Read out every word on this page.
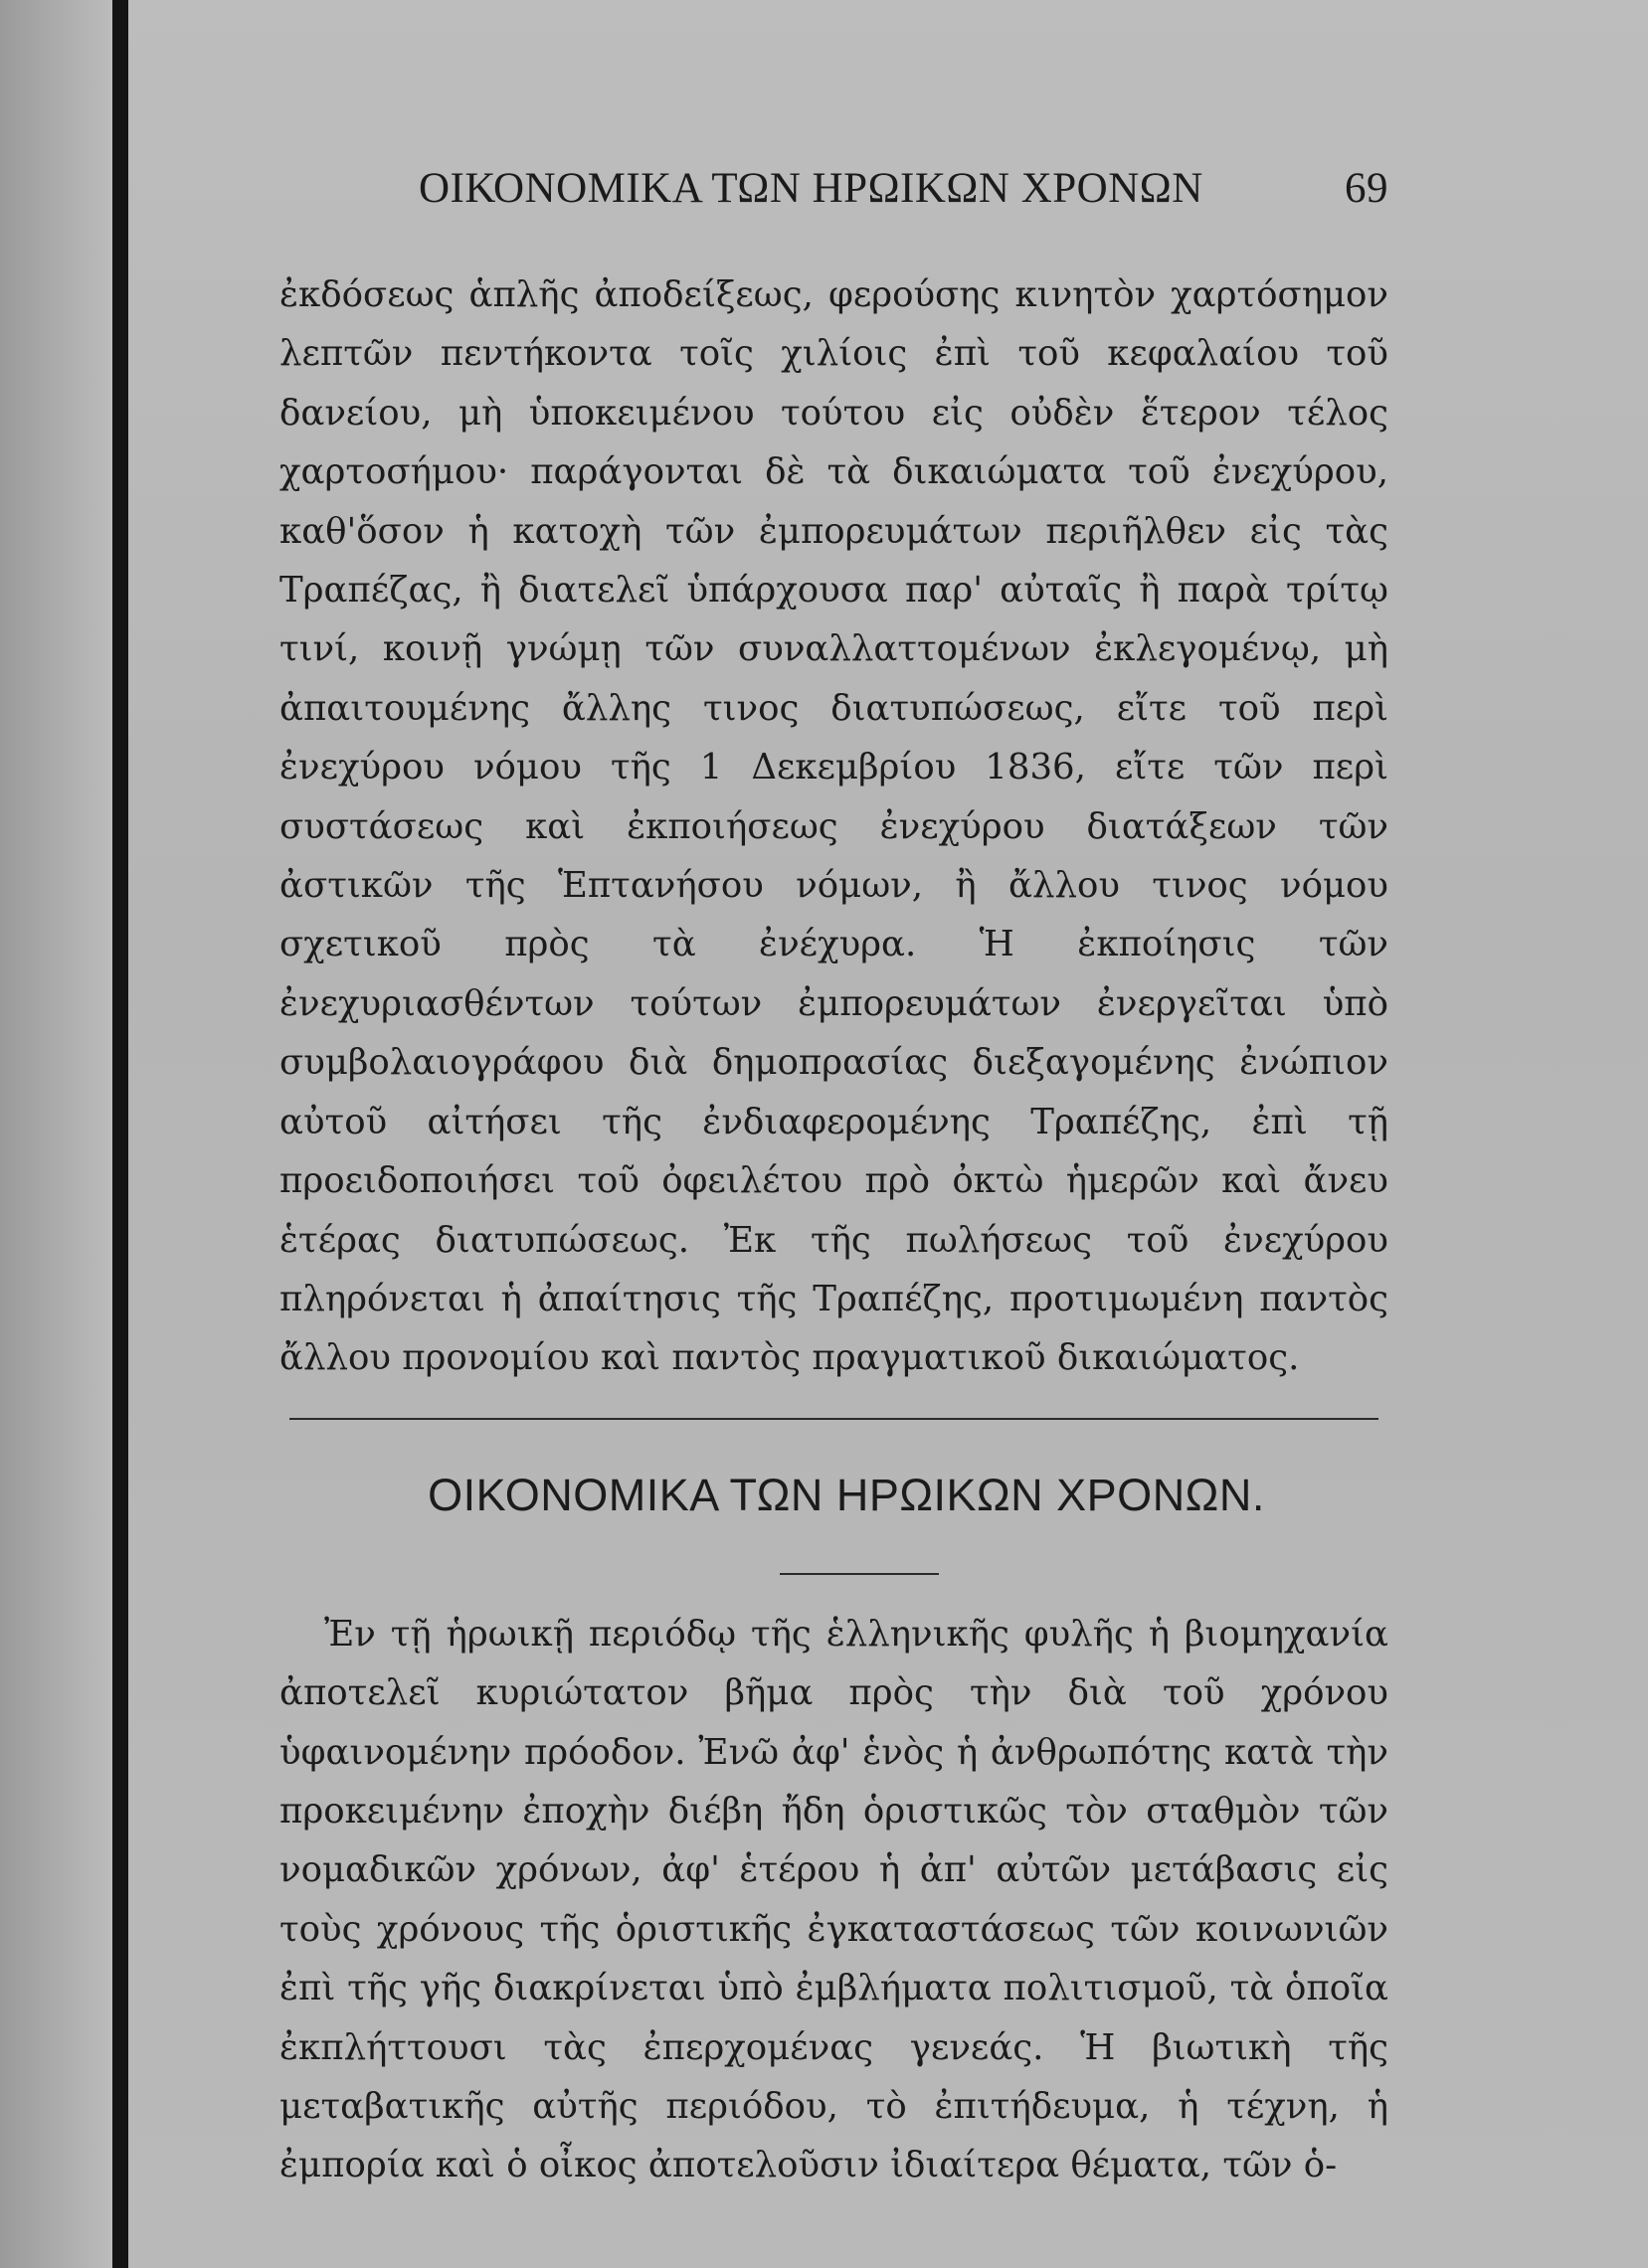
ΟΙΚΟΝΟΜΙΚΑ ΤΩΝ ΗΡΩΙΚΩΝ ΧΡΟΝΩΝ	69

ἐκδόσεως ἁπλῆς ἀποδείξεως, φερούσης κινητὸν χαρτόσημον λεπτῶν πεντήκοντα τοῖς χιλίοις ἐπὶ τοῦ κεφαλαίου τοῦ δανείου, μὴ ὑποκειμένου τούτου εἰς οὐδὲν ἕτερον τέλος χαρτοσήμου· παράγονται δὲ τὰ δικαιώματα τοῦ ἐνεχύρου, καθ'ὅσον ἡ κατοχὴ τῶν ἐμπορευμάτων περιῆλθεν εἰς τὰς Τραπέζας, ἢ διατελεῖ ὑπάρχουσα παρ' αὐταῖς ἢ παρὰ τρίτῳ τινί, κοινῇ γνώμῃ τῶν συναλλαττομένων ἐκλεγομένῳ, μὴ ἀπαιτουμένης ἄλλης τινος διατυπώσεως, εἴτε τοῦ περὶ ἐνεχύρου νόμου τῆς 1 Δεκεμβρίου 1836, εἴτε τῶν περὶ συστάσεως καὶ ἐκποιήσεως ἐνεχύρου διατάξεων τῶν ἀστικῶν τῆς Ἑπτανήσου νόμων, ἢ ἄλλου τινος νόμου σχετικοῦ πρὸς τὰ ἐνέχυρα. Ἡ ἐκποίησις τῶν ἐνεχυριασθέντων τούτων ἐμπορευμάτων ἐνεργεῖται ὑπὸ συμβολαιογράφου διὰ δημοπρασίας διεξαγομένης ἐνώπιον αὐτοῦ αἰτήσει τῆς ἐνδιαφερομένης Τραπέζης, ἐπὶ τῇ προειδοποιήσει τοῦ ὀφειλέτου πρὸ ὀκτὼ ἡμερῶν καὶ ἄνευ ἑτέρας διατυπώσεως. Ἐκ τῆς πωλήσεως τοῦ ἐνεχύρου πληρόνεται ἡ ἀπαίτησις τῆς Τραπέζης, προτιμωμένη παντὸς ἄλλου προνομίου καὶ παντὸς πραγματικοῦ δικαιώματος.

ΟΙΚΟΝΟΜΙΚΑ ΤΩΝ ΗΡΩΙΚΩΝ ΧΡΟΝΩΝ.

Ἐν τῇ ἡρωικῇ περιόδῳ τῆς ἑλληνικῆς φυλῆς ἡ βιομηχανία ἀποτελεῖ κυριώτατον βῆμα πρὸς τὴν διὰ τοῦ χρόνου ὑφαινομένην πρόοδον. Ἐνῶ ἀφ' ἑνὸς ἡ ἀνθρωπότης κατὰ τὴν προκειμένην ἐποχὴν διέβη ἤδη ὁριστικῶς τὸν σταθμὸν τῶν νομαδικῶν χρόνων, ἀφ' ἑτέρου ἡ ἀπ' αὐτῶν μετάβασις εἰς τοὺς χρόνους τῆς ὁριστικῆς ἐγκαταστάσεως τῶν κοινωνιῶν ἐπὶ τῆς γῆς διακρίνεται ὑπὸ ἐμβλήματα πολιτισμοῦ, τὰ ὁποῖα ἐκπλήττουσι τὰς ἐπερχομένας γενεάς. Ἡ βιωτικὴ τῆς μεταβατικῆς αὐτῆς περιόδου, τὸ ἐπιτήδευμα, ἡ τέχνη, ἡ ἐμπορία καὶ ὁ οἶκος ἀποτελοῦσιν ἰδιαίτερα θέματα, τῶν ὁ-
